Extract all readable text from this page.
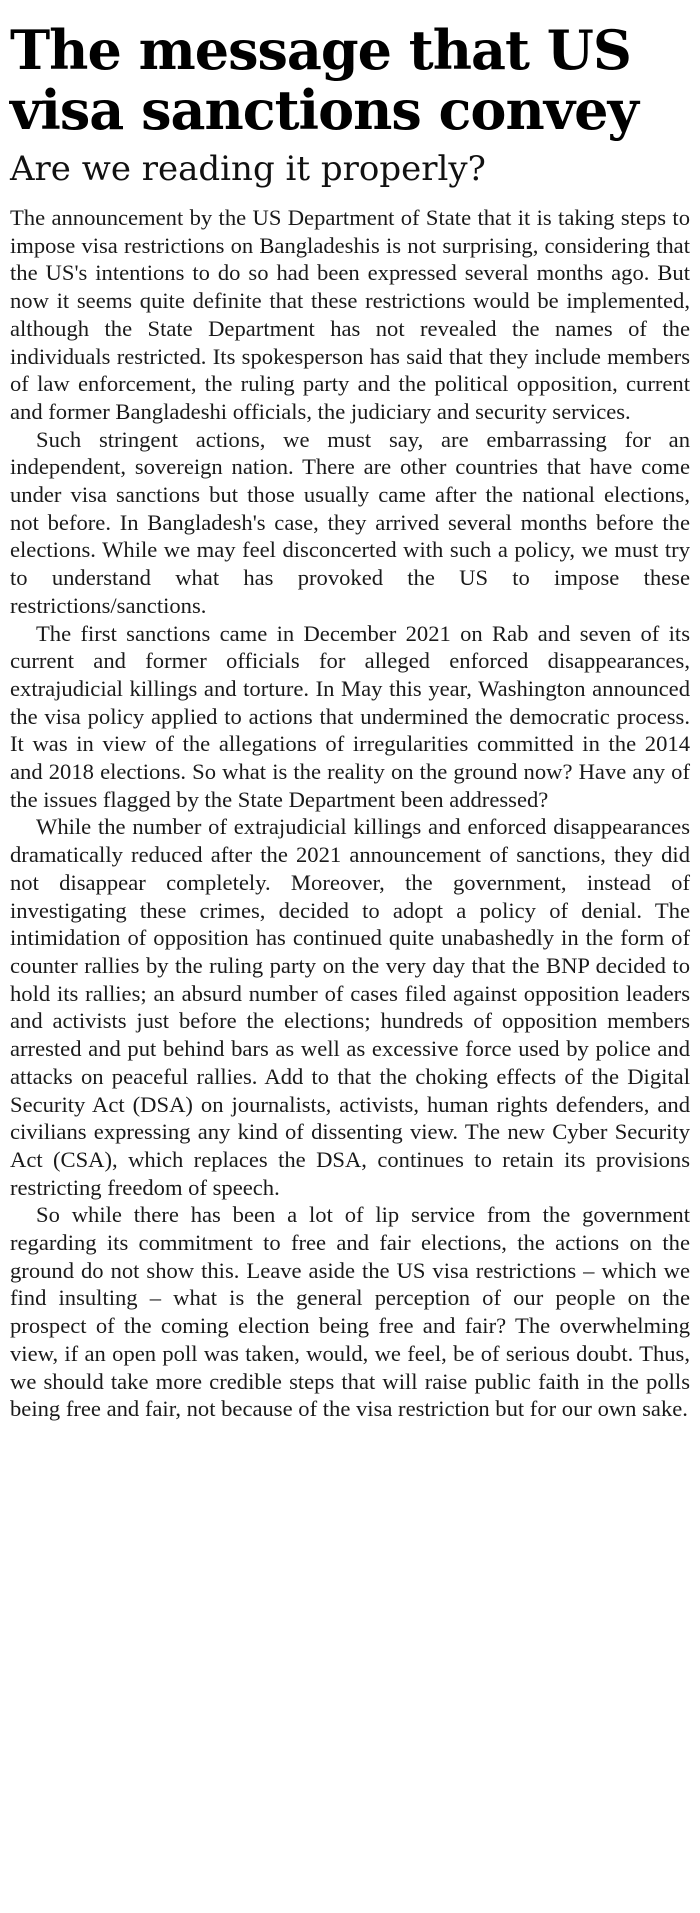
The message that US visa sanctions convey
Are we reading it properly?

The announcement by the US Department of State that it is taking steps to impose visa restrictions on Bangladeshis is not surprising, considering that the US's intentions to do so had been expressed several months ago. But now it seems quite definite that these restrictions would be implemented, although the State Department has not revealed the names of the individuals restricted. Its spokesperson has said that they include members of law enforcement, the ruling party and the political opposition, current and former Bangladeshi officials, the judiciary and security services.

Such stringent actions, we must say, are embarrassing for an independent, sovereign nation. There are other countries that have come under visa sanctions but those usually came after the national elections, not before. In Bangladesh's case, they arrived several months before the elections. While we may feel disconcerted with such a policy, we must try to understand what has provoked the US to impose these restrictions/sanctions.

The first sanctions came in December 2021 on Rab and seven of its current and former officials for alleged enforced disappearances, extrajudicial killings and torture. In May this year, Washington announced the visa policy applied to actions that undermined the democratic process. It was in view of the allegations of irregularities committed in the 2014 and 2018 elections. So what is the reality on the ground now? Have any of the issues flagged by the State Department been addressed?

While the number of extrajudicial killings and enforced disappearances dramatically reduced after the 2021 announcement of sanctions, they did not disappear completely. Moreover, the government, instead of investigating these crimes, decided to adopt a policy of denial. The intimidation of opposition has continued quite unabashedly in the form of counter rallies by the ruling party on the very day that the BNP decided to hold its rallies; an absurd number of cases filed against opposition leaders and activists just before the elections; hundreds of opposition members arrested and put behind bars as well as excessive force used by police and attacks on peaceful rallies. Add to that the choking effects of the Digital Security Act (DSA) on journalists, activists, human rights defenders, and civilians expressing any kind of dissenting view. The new Cyber Security Act (CSA), which replaces the DSA, continues to retain its provisions restricting freedom of speech.

So while there has been a lot of lip service from the government regarding its commitment to free and fair elections, the actions on the ground do not show this. Leave aside the US visa restrictions – which we find insulting – what is the general perception of our people on the prospect of the coming election being free and fair? The overwhelming view, if an open poll was taken, would, we feel, be of serious doubt. Thus, we should take more credible steps that will raise public faith in the polls being free and fair, not because of the visa restriction but for our own sake.
